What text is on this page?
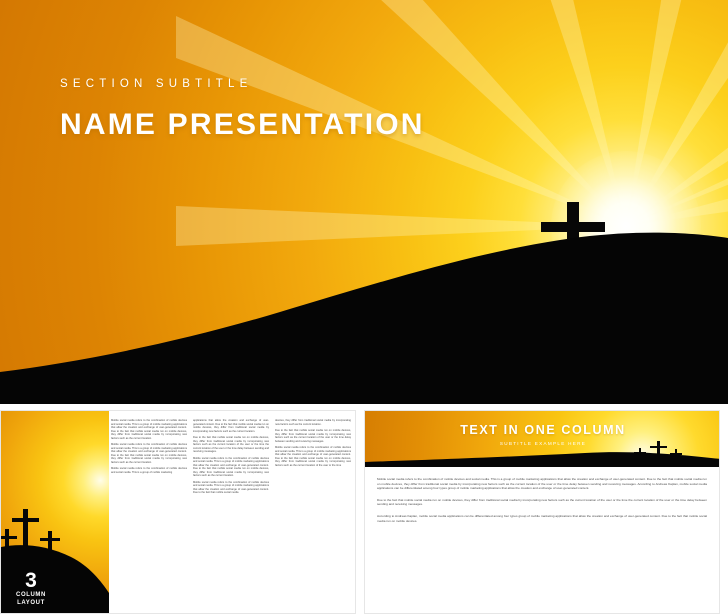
SECTION SUBTITLE
NAME PRESENTATION
3
COLUMN
LAYOUT

Mobile social media refers to the combination of mobile devices and social media. This is a group of mobile marketing applications that allow the creation and exchange of user-generated content. Due to the fact that mobile social media run on mobile devices, they differ from traditional social media by incorporating new factors such as the current location.

Mobile social media refers to the combination of mobile devices and social media. This is a group of mobile marketing applications that allow the creation and exchange of user-generated content. Due to the fact that mobile social media run on mobile devices, they differ from traditional social media by incorporating new factors such as the current location.

Mobile social media refers to the combination of mobile devices and social media. This is a group of mobile marketing

applications that allow the creation and exchange of user-generated content. Due to the fact that mobile social media run on mobile devices, they differ from traditional social media by incorporating new factors such as the current location.

Due to the fact that mobile social media run on mobile devices, they differ from traditional social media by incorporating new factors such as the current location of the user or the time the current location of the user or the time delay between sending and receiving messages.

Mobile social media refers to the combination of mobile devices and social media. This is a group of mobile marketing applications that allow the creation and exchange of user-generated content. Due to the fact that mobile social media run on mobile devices, they differ from traditional social media by incorporating new factors such as the current location.

Mobile social media refers to the combination of mobile devices and social media. This is a group of mobile marketing applications that allow the creation and exchange of user-generated content. Due to the fact that mobile social media

devices, they differ from traditional social media by incorporating new factors such as the current location.

Due to the fact that mobile social media run on mobile devices, they differ from traditional social media by incorporating new factors such as the current location of the user or the time delay between sending and receiving messages.

Mobile social media refers to the combination of mobile devices and social media. This is a group of mobile marketing applications that allow the creation and exchange of user-generated content. Due to the fact that mobile social media run on mobile devices, they differ from traditional social media by incorporating new factors such as the current location of the user or the time

TEXT IN ONE COLUMN
SUBTITLE EXAMPLE HERE

Mobile social media refers to the combination of mobile devices and social media. This is a group of mobile marketing applications that allow the creation and exchange of user-generated content. Due to the fact that mobile social media run on mobile devices, they differ from traditional social media by incorporating new factors such as the current location of the user or the time delay between sending and receiving messages. According to Andreas Kaplan, mobile social media applications can be differentiated among four types group of mobile marketing applications that allow the creation and exchange of user-generated content.

Due to the fact that mobile social media run on mobile devices, they differ from traditional social media by incorporating new factors such as the current location of the user or the time the current location of the user or the time delay between sending and receiving messages.

According to Andreas Kaplan, mobile social media applications can be differentiated among four types group of mobile marketing applications that allow the creation and exchange of user-generated content. Due to the fact that mobile social media run on mobile devices.
